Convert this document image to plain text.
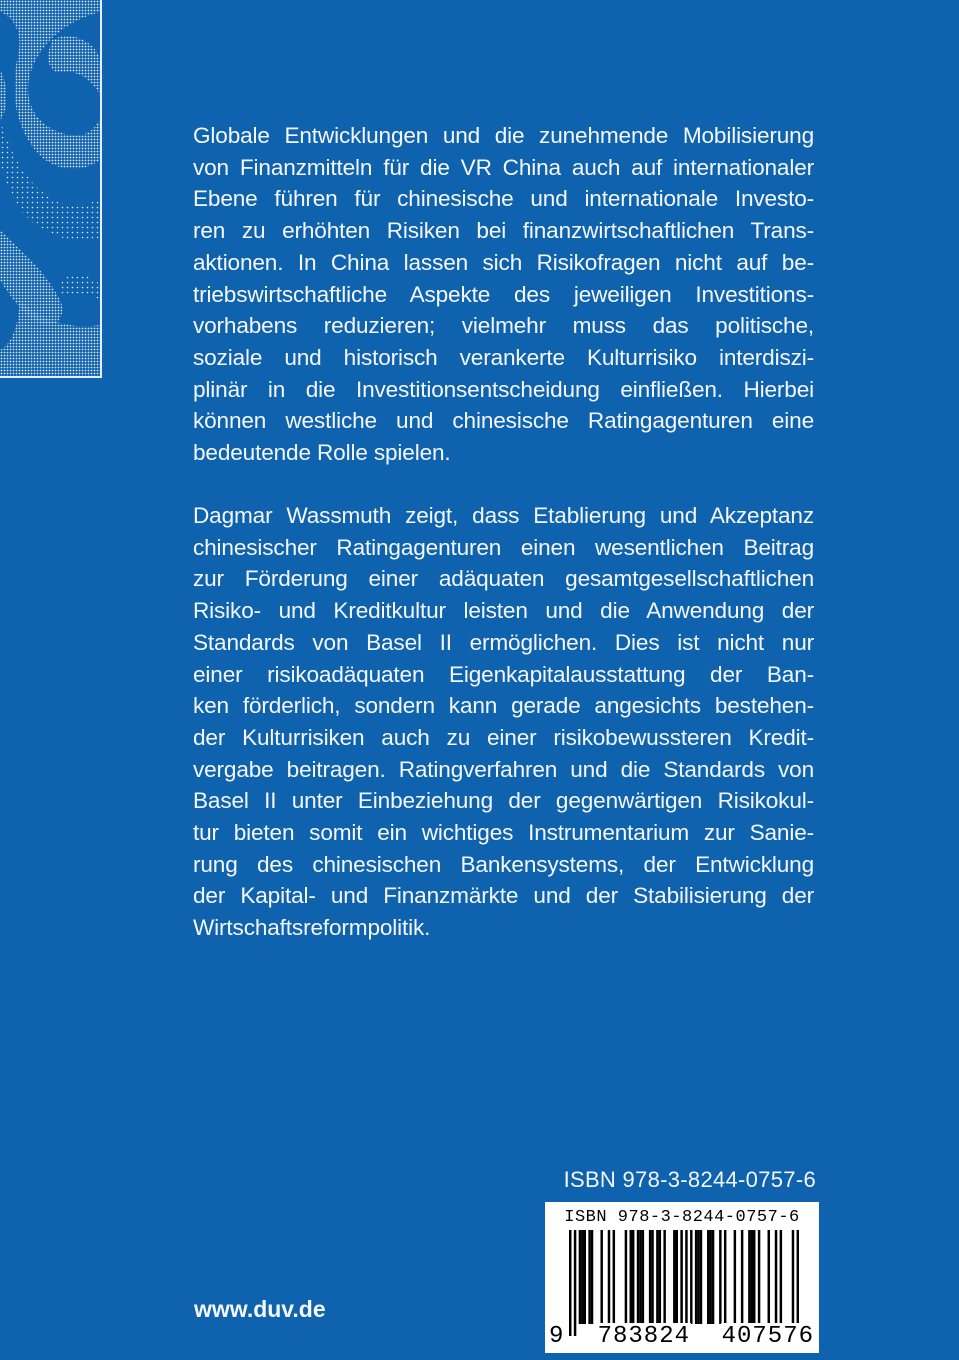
Globale Entwicklungen und die zunehmende Mobilisierung
von Finanzmitteln für die VR China auch auf internationaler
Ebene führen für chinesische und internationale Investo-
ren zu erhöhten Risiken bei finanzwirtschaftlichen Trans-
aktionen. In China lassen sich Risikofragen nicht auf be-
triebswirtschaftliche Aspekte des jeweiligen Investitions-
vorhabens reduzieren; vielmehr muss das politische,
soziale und historisch verankerte Kulturrisiko interdiszi-
plinär in die Investitionsentscheidung einfließen. Hierbei
können westliche und chinesische Ratingagenturen eine
bedeutende Rolle spielen.

Dagmar Wassmuth zeigt, dass Etablierung und Akzeptanz
chinesischer Ratingagenturen einen wesentlichen Beitrag
zur Förderung einer adäquaten gesamtgesellschaftlichen
Risiko- und Kreditkultur leisten und die Anwendung der
Standards von Basel II ermöglichen. Dies ist nicht nur
einer risikoadäquaten Eigenkapitalausstattung der Ban-
ken förderlich, sondern kann gerade angesichts bestehen-
der Kulturrisiken auch zu einer risikobewussteren Kredit-
vergabe beitragen. Ratingverfahren und die Standards von
Basel II unter Einbeziehung der gegenwärtigen Risikokul-
tur bieten somit ein wichtiges Instrumentarium zur Sanie-
rung des chinesischen Bankensystems, der Entwicklung
der Kapital- und Finanzmärkte und der Stabilisierung der
Wirtschaftsreformpolitik.

ISBN 978-3-8244-0757-6

ISBN 978-3-8244-0757-6

9 783824 407576

www.duv.de
